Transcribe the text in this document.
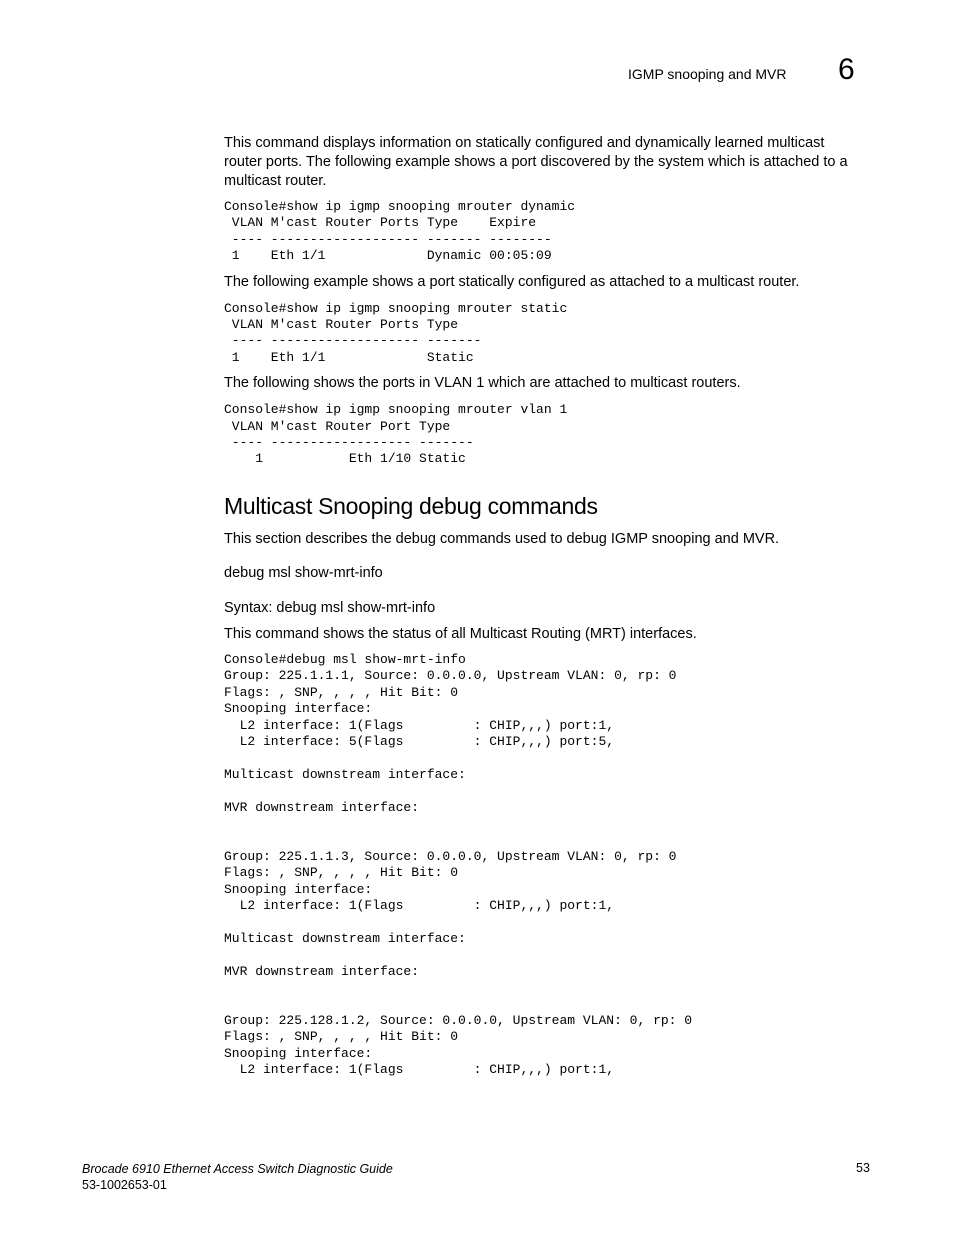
IGMP snooping and MVR 6

This command displays information on statically configured and dynamically learned multicast router ports. The following example shows a port discovered by the system which is attached to a multicast router.

Console#show ip igmp snooping mrouter dynamic
VLAN M'cast Router Ports Type    Expire
---- ------------------- ------- --------
1    Eth 1/1             Dynamic 00:05:09

The following example shows a port statically configured as attached to a multicast router.

Console#show ip igmp snooping mrouter static
VLAN M'cast Router Ports Type
---- ------------------- -------
1    Eth 1/1             Static

The following shows the ports in VLAN 1 which are attached to multicast routers.

Console#show ip igmp snooping mrouter vlan 1
VLAN M'cast Router Port Type
---- ------------------ -------
1           Eth 1/10 Static
Multicast Snooping debug commands

This section describes the debug commands used to debug IGMP snooping and MVR.

debug msl show-mrt-info

Syntax: debug msl show-mrt-info

This command shows the status of all Multicast Routing (MRT) interfaces.

Console#debug msl show-mrt-info
Group: 225.1.1.1, Source: 0.0.0.0, Upstream VLAN: 0, rp: 0
Flags: , SNP, , , , Hit Bit: 0
Snooping interface:
L2 interface: 1(Flags         : CHIP,,,) port:1,
L2 interface: 5(Flags         : CHIP,,,) port:5,

Multicast downstream interface:

MVR downstream interface:

Group: 225.1.1.3, Source: 0.0.0.0, Upstream VLAN: 0, rp: 0
Flags: , SNP, , , , Hit Bit: 0
Snooping interface:
L2 interface: 1(Flags         : CHIP,,,) port:1,

Multicast downstream interface:

MVR downstream interface:

Group: 225.128.1.2, Source: 0.0.0.0, Upstream VLAN: 0, rp: 0
Flags: , SNP, , , , Hit Bit: 0
Snooping interface:
L2 interface: 1(Flags         : CHIP,,,) port:1,
Brocade 6910 Ethernet Access Switch Diagnostic Guide
53-1002653-01
53
